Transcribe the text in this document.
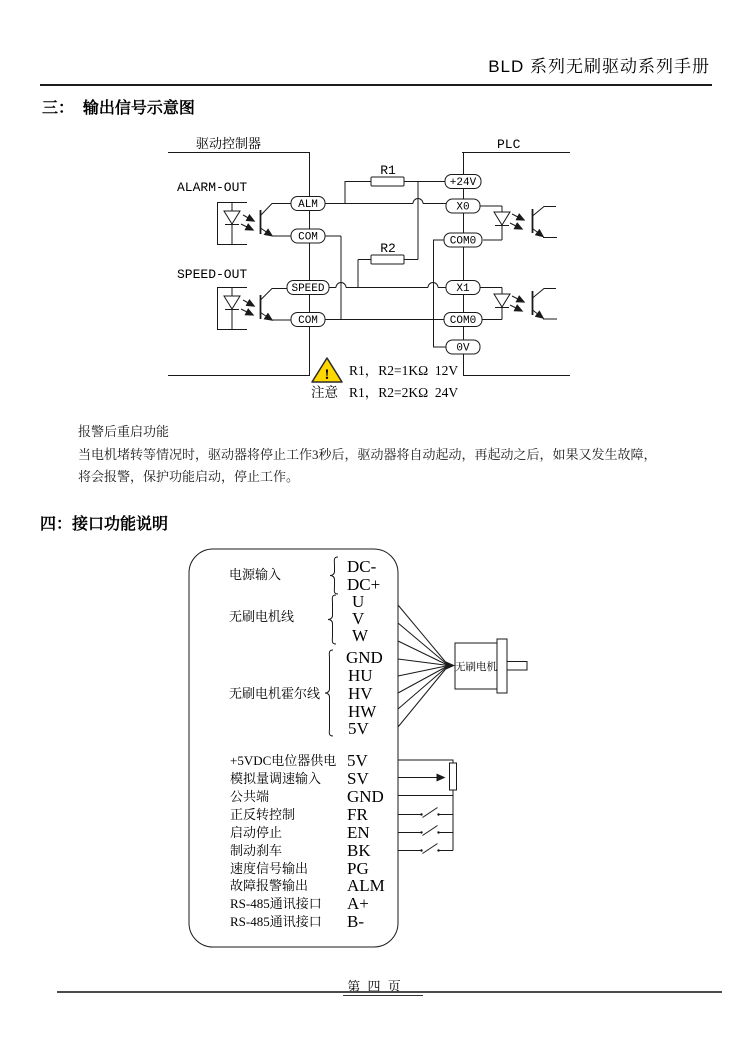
BLD 系列无刷驱动系列手册
三：  输出信号示意图
驱动控制器	PLC
ALARM-OUT
SPEED-OUT
R1
R2
ALM
COM
SPEED
COM
+24V
X0
COM0
X1
COM0
0V
!
注意
R1，R2=1KΩ  12V
R1，R2=2KΩ  24V
电源输入
无刷电机线
无刷电机霍尔线
DC-
DC+
U
V
W
GND
HU
HV
HW
5V
无刷电机
+5VDC电位器供电
模拟量调速输入
公共端
正反转控制
启动停止
制动刹车
速度信号输出
故障报警输出
RS-485通讯接口
RS-485通讯接口
5V
SV
GND
FR
EN
BK
PG
ALM
A+
B-
报警后重启功能
当电机堵转等情况时，驱动器将停止工作3秒后，驱动器将自动起动，再起动之后，如果又发生故障，
将会报警，保护功能启动，停止工作。
四：接口功能说明
第 四 页
